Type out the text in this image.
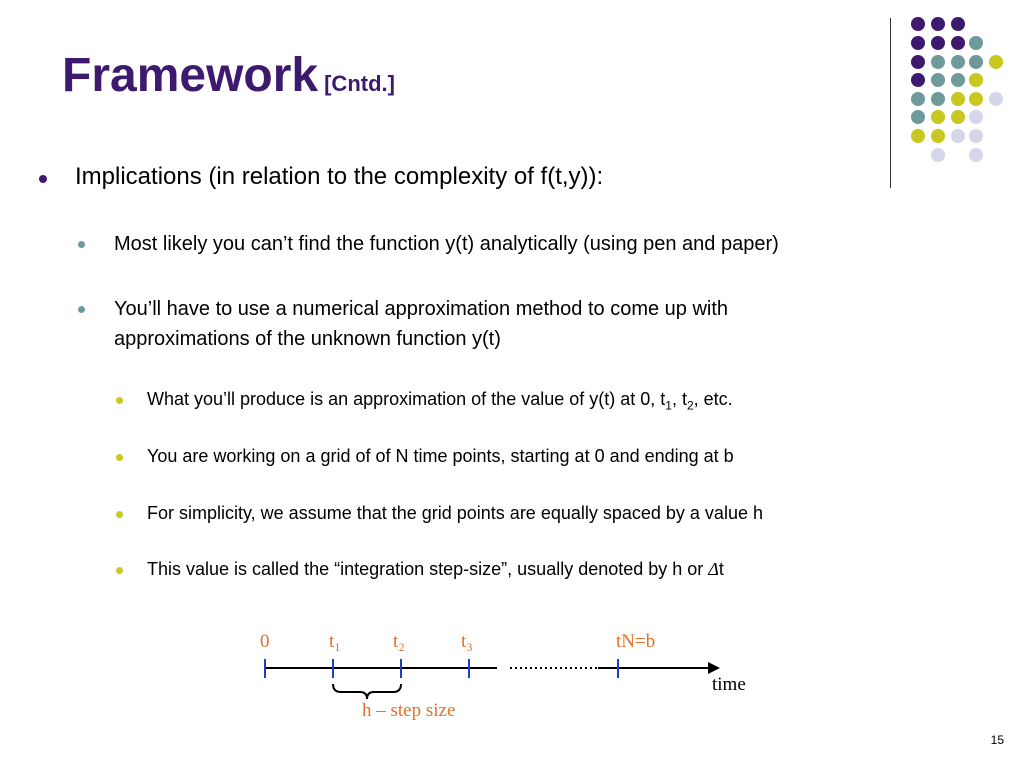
Framework [Cntd.]
Implications (in relation to the complexity of f(t,y)):
Most likely you can’t find the function y(t) analytically (using pen and paper)
You’ll have to use a numerical approximation method to come up with
approximations of the unknown function y(t)
What you’ll produce is an approximation of the value of y(t) at 0, $t_1$, $t_2$, etc.
You are working on a grid of of N time points, starting at 0 and ending at b
For simplicity, we assume that the grid points are equally spaced by a value h
This value is called the “integration step-size”, usually denoted by h or Δt
0	t₁	t₂	t₃	tN=b
time
h – step size
15
